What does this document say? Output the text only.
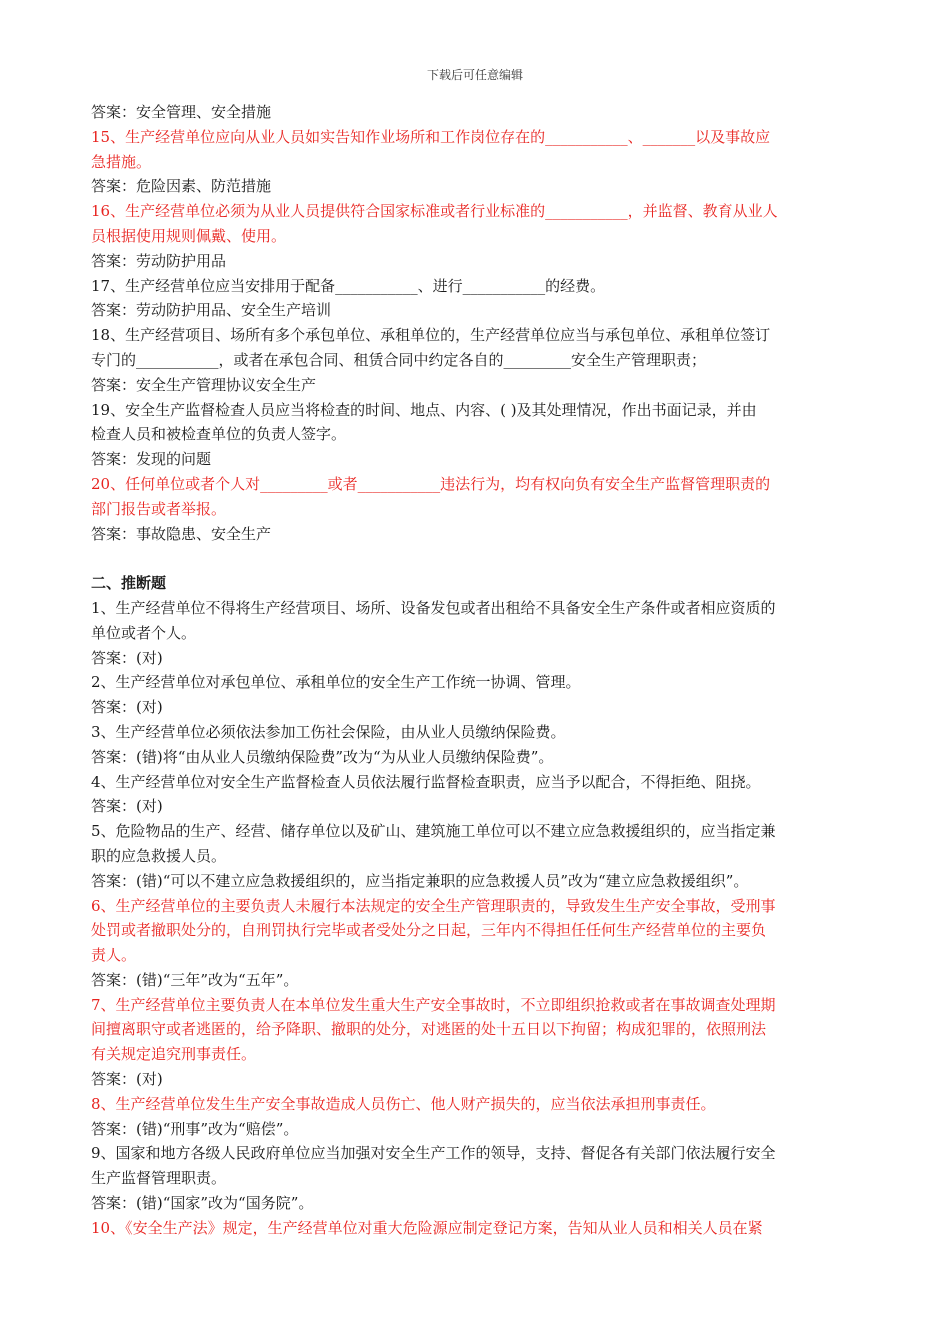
下载后可任意编辑
答案：安全管理、安全措施
15、生产经营单位应向从业人员如实告知作业场所和工作岗位存在的___________、_______以及事故应
急措施。
答案：危险因素、防范措施
16、生产经营单位必须为从业人员提供符合国家标准或者行业标准的___________，并监督、教育从业人
员根据使用规则佩戴、使用。
答案：劳动防护用品
17、生产经营单位应当安排用于配备___________、进行___________的经费。
答案：劳动防护用品、安全生产培训
18、生产经营项目、场所有多个承包单位、承租单位的，生产经营单位应当与承包单位、承租单位签订
专门的___________，或者在承包合同、租赁合同中约定各自的_________安全生产管理职责；
答案：安全生产管理协议安全生产
19、安全生产监督检查人员应当将检查的时间、地点、内容、( )及其处理情况，作出书面记录，并由
检查人员和被检查单位的负责人签字。
答案：发现的问题
20、任何单位或者个人对_________或者___________违法行为，均有权向负有安全生产监督管理职责的
部门报告或者举报。
答案：事故隐患、安全生产
二、推断题
1、生产经营单位不得将生产经营项目、场所、设备发包或者出租给不具备安全生产条件或者相应资质的
单位或者个人。
答案：(对)
2、生产经营单位对承包单位、承租单位的安全生产工作统一协调、管理。
答案：(对)
3、生产经营单位必须依法参加工伤社会保险，由从业人员缴纳保险费。
答案：(错)将“由从业人员缴纳保险费”改为“为从业人员缴纳保险费”。
4、生产经营单位对安全生产监督检查人员依法履行监督检查职责，应当予以配合，不得拒绝、阻挠。
答案：(对)
5、危险物品的生产、经营、储存单位以及矿山、建筑施工单位可以不建立应急救援组织的，应当指定兼
职的应急救援人员。
答案：(错)“可以不建立应急救援组织的，应当指定兼职的应急救援人员”改为“建立应急救援组织”。
6、生产经营单位的主要负责人未履行本法规定的安全生产管理职责的，导致发生生产安全事故，受刑事
处罚或者撤职处分的，自刑罚执行完毕或者受处分之日起，三年内不得担任任何生产经营单位的主要负
责人。
答案：(错)“三年”改为“五年”。
7、生产经营单位主要负责人在本单位发生重大生产安全事故时，不立即组织抢救或者在事故调查处理期
间擅离职守或者逃匿的，给予降职、撤职的处分，对逃匿的处十五日以下拘留；构成犯罪的，依照刑法
有关规定追究刑事责任。
答案：(对)
8、生产经营单位发生生产安全事故造成人员伤亡、他人财产损失的，应当依法承担刑事责任。
答案：(错)“刑事”改为“赔偿”。
9、国家和地方各级人民政府单位应当加强对安全生产工作的领导，支持、督促各有关部门依法履行安全
生产监督管理职责。
答案：(错)“国家”改为“国务院”。
10、《安全生产法》规定，生产经营单位对重大危险源应制定登记方案，告知从业人员和相关人员在紧
